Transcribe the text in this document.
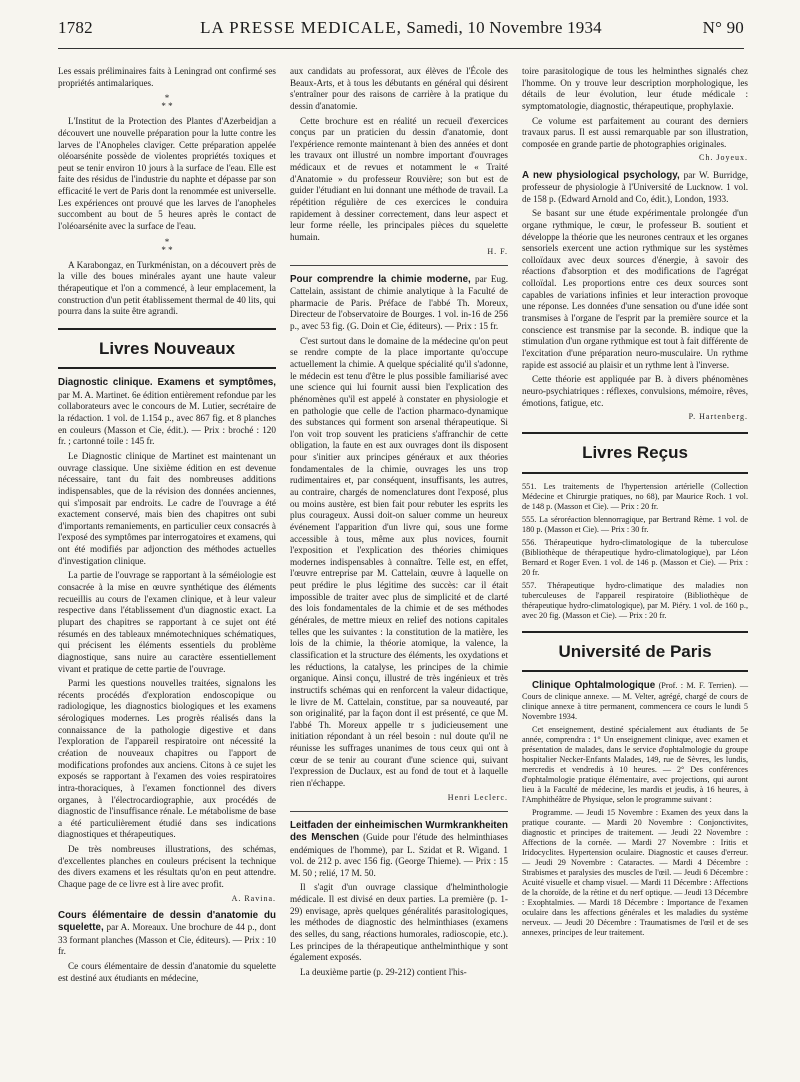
1782	LA PRESSE MEDICALE, Samedi, 10 Novembre 1934	N° 90

Les essais préliminaires faits à Leningrad ont confirmé ses propriétés antimalariques.

*
* *

L'Institut de la Protection des Plantes d'Azerbeidjan a découvert une nouvelle préparation pour la lutte contre les larves de l'Anopheles claviger. Cette préparation appelée oléoarsénite possède de violentes propriétés toxiques et peut se tenir environ 10 jours à la surface de l'eau. Elle est faite des résidus de l'industrie du naphte et dépasse par son efficacité le vert de Paris dont la renommée est universelle. Les expériences ont prouvé que les larves de l'anopheles succombent au bout de 5 heures après le contact de l'oléoarsénite avec la surface de l'eau.

*
* *

A Karabongaz, en Turkménistan, on a découvert près de la ville des boues minérales ayant une haute valeur thérapeutique et l'on a commencé, à leur emplacement, la construction d'un petit établissement thermal de 40 lits, qui pourra dans la suite être agrandi.

Livres Nouveaux

Diagnostic clinique. Examens et symptômes, par M. A. Martinet. 6e édition entièrement refondue par les collaborateurs avec le concours de M. Lutier, secrétaire de la rédaction. 1 vol. de 1.154 p., avec 867 fig. et 8 planches en couleurs (Masson et Cie, édit.). — Prix : broché : 120 fr. ; cartonné toile : 145 fr.

Le Diagnostic clinique de Martinet est maintenant un ouvrage classique. Une sixième édition en est devenue nécessaire, tant du fait des nombreuses additions indispensables, que de la révision des données anciennes, qui s'imposait par endroits. Le cadre de l'ouvrage a été exactement conservé, mais bien des chapitres ont subi d'importants remaniements, en particulier ceux consacrés à l'exposé des symptômes par interrogatoires et examens, qui ont été modifiés par adjonction des méthodes actuelles d'investigation clinique.

La partie de l'ouvrage se rapportant à la séméiologie est consacrée à la mise en œuvre synthétique des éléments recueillis au cours de l'examen clinique, et à leur valeur respective dans l'établissement d'un diagnostic exact. La plupart des chapitres se rapportant à ce sujet ont été résumés en des tableaux mnémotechniques schématiques, qui précisent les éléments essentiels du problème diagnostique, sans nuire au caractère essentiellement vivant et pratique de cette partie de l'ouvrage.

Parmi les questions nouvelles traitées, signalons les récents procédés d'exploration endoscopique ou radiologique, les diagnostics biologiques et les examens sérologiques modernes. Les progrès réalisés dans la connaissance de la pathologie digestive et dans l'exploration de l'appareil respiratoire ont nécessité la création de nouveaux chapitres ou l'apport de modifications profondes aux anciens. Citons à ce sujet les exposés se rapportant à l'examen des voies respiratoires intra-thoraciques, à l'examen fonctionnel des divers organes, à l'électrocardiographie, aux procédés de diagnostic de l'insuffisance rénale. Le métabolisme de base a été particulièrement étudié dans ses indications diagnostiques et thérapeutiques.

De très nombreuses illustrations, des schémas, d'excellentes planches en couleurs précisent la technique des divers examens et les résultats qu'on en peut attendre. Chaque page de ce livre est à lire avec profit.

A. Ravina.

Cours élémentaire de dessin d'anatomie du squelette, par A. Moreaux. Une brochure de 44 p., dont 33 formant planches (Masson et Cie, éditeurs). — Prix : 10 fr.

Ce cours élémentaire de dessin d'anatomie du squelette est destiné aux étudiants en médecine,

aux candidats au professorat, aux élèves de l'École des Beaux-Arts, et à tous les débutants en général qui désirent s'entraîner pour des raisons de carrière à la pratique du dessin d'anatomie.

Cette brochure est en réalité un recueil d'exercices conçus par un praticien du dessin d'anatomie, dont l'expérience remonte maintenant à bien des années et dont les travaux ont illustré un nombre important d'ouvrages médicaux et de revues et notamment le « Traité d'Anatomie » du professeur Rouvière; son but est de guider l'étudiant en lui donnant une méthode de travail. La répétition régulière de ces exercices le conduira rapidement à dessiner correctement, dans leur aspect et leur forme réelle, les principales pièces du squelette humain.

H. F.

Pour comprendre la chimie moderne, par Eug. Cattelain, assistant de chimie analytique à la Faculté de pharmacie de Paris. Préface de l'abbé Th. Moreux, Directeur de l'observatoire de Bourges. 1 vol. in-16 de 256 p., avec 53 fig. (G. Doin et Cie, éditeurs). — Prix : 15 fr.

C'est surtout dans le domaine de la médecine qu'on peut se rendre compte de la place importante qu'occupe actuellement la chimie. A quelque spécialité qu'il s'adonne, le médecin est tenu d'être le plus possible familiarisé avec une science qui lui fournit aussi bien l'explication des phénomènes qu'il est appelé à constater en physiologie et en pathologie que celle de l'action pharmaco-dynamique des substances qui forment son arsenal thérapeutique. Si l'on voit trop souvent les praticiens s'affranchir de cette obligation, la faute en est aux ouvrages dont ils disposent pour s'initier aux principes généraux et aux théories fondamentales de la chimie, ouvrages les uns trop rudimentaires et, par conséquent, insuffisants, les autres, au contraire, chargés de nomenclatures dont l'exposé, plus ou moins austère, est bien fait pour rebuter les esprits les plus courageux. Aussi doit-on saluer comme un heureux événement l'apparition d'un livre qui, sous une forme accessible à tous, même aux plus novices, fournit l'exposition et l'explication des théories chimiques modernes indispensables à connaître. Telle est, en effet, l'œuvre entreprise par M. Cattelain, œuvre à laquelle on peut prédire le plus légitime des succès: car il était impossible de traiter avec plus de simplicité et de clarté des lois fondamentales de la chimie et de ses méthodes générales, de mettre mieux en relief des notions capitales telles que les suivantes : la constitution de la matière, les lois de la chimie, la théorie atomique, la valence, la classification et la structure des éléments, les oxydations et les réductions, la catalyse, les principes de la chimie organique. Ainsi conçu, illustré de très ingénieux et très instructifs schémas qui en renforcent la valeur didactique, le livre de M. Cattelain, constitue, par sa nouveauté, par son originalité, par la façon dont il est présenté, ce que M. l'abbé Th. Moreux appelle tr s judicieusement une initiation répondant à un réel besoin : nul doute qu'il ne réunisse les suffrages unanimes de tous ceux qui ont à cœur de se tenir au courant d'une science qui, suivant l'expression de Duclaux, est au fond de tout et à laquelle rien n'échappe.

Henri Leclerc.

Leitfaden der einheimischen Wurmkrankheiten des Menschen (Guide pour l'étude des helminthiases endémiques de l'homme), par L. Szidat et R. Wigand. 1 vol. de 212 p. avec 156 fig. (George Thieme). — Prix : 15 M. 50 ; relié, 17 M. 50.

Il s'agit d'un ouvrage classique d'helminthologie médicale. Il est divisé en deux parties. La première (p. 1-29) envisage, après quelques généralités parasitologiques, les méthodes de diagnostic des helminthiases (examens des selles, du sang, réactions humorales, radioscopie, etc.). Les principes de la thérapeutique anthelminthique y sont également exposés.

La deuxième partie (p. 29-212) contient l'his-

toire parasitologique de tous les helminthes signalés chez l'homme. On y trouve leur description morphologique, les détails de leur évolution, leur étude médicale : symptomatologie, diagnostic, thérapeutique, prophylaxie.

Ce volume est parfaitement au courant des derniers travaux parus. Il est aussi remarquable par son illustration, composée en grande partie de photographies originales.

Ch. Joyeux.

A new physiological psychology, par W. Burridge, professeur de physiologie à l'Université de Lucknow. 1 vol. de 158 p. (Edward Arnold and Co, édit.), London, 1933.

Se basant sur une étude expérimentale prolongée d'un organe rythmique, le cœur, le professeur B. soutient et développe la théorie que les neurones centraux et les organes sensoriels exercent une action rythmique sur les systèmes colloïdaux avec deux sources d'énergie, à savoir des réactions d'absorption et des modifications de l'agrégat colloïdal. Les proportions entre ces deux sources sont capables de variations infinies et leur interaction provoque une réponse. Les données d'une sensation ou d'une idée sont transmises à l'organe de l'esprit par la première source et la conscience est transmise par la seconde. B. indique que la stimulation d'un organe rythmique est tout à fait différente de l'excitation d'une préparation neuro-musculaire. Un rythme rapide est associé au plaisir et un rythme lent à l'inverse.

Cette théorie est appliquée par B. à divers phénomènes neuro-psychiatriques : réflexes, convulsions, mémoire, rêves, émotions, fatigue, etc.

P. Hartenberg.
Livres Reçus

551. Les traitements de l'hypertension artérielle (Collection Médecine et Chirurgie pratiques, no 68), par Maurice Roch. 1 vol. de 148 p. (Masson et Cie). — Prix : 20 fr.

555. La séroréaction blennorragique, par Bertrand Rème. 1 vol. de 180 p. (Masson et Cie). — Prix : 30 fr.

556. Thérapeutique hydro-climatologique de la tuberculose (Bibliothèque de thérapeutique hydro-climatologique), par Léon Bernard et Roger Even. 1 vol. de 146 p. (Masson et Cie). — Prix : 20 fr.

557. Thérapeutique hydro-climatique des maladies non tuberculeuses de l'appareil respiratoire (Bibliothèque de thérapeutique hydro-climatologique), par M. Piéry. 1 vol. de 160 p., avec 20 fig. (Masson et Cie). — Prix : 20 fr.

Université de Paris

Clinique Ophtalmologique (Prof. : M. F. Terrien). — Cours de clinique annexe. — M. Velter, agrégé, chargé de cours de clinique annexe à titre permanent, commencera ce cours le lundi 5 Novembre 1934.

Cet enseignement, destiné spécialement aux étudiants de 5e année, comprendra : 1° Un enseignement clinique, avec examen et présentation de malades, dans le service d'ophtalmologie du groupe hospitalier Necker-Enfants Malades, 149, rue de Sèvres, les lundis, mercredis et vendredis à 10 heures. — 2° Des conférences d'ophtalmologie pratique élémentaire, avec projections, qui auront lieu à la Faculté de médecine, les mardis et jeudis, à 16 heures, à l'Amphithéâtre de Physique, selon le programme suivant :

Programme. — Jeudi 15 Novembre : Examen des yeux dans la pratique courante. — Mardi 20 Novembre : Conjonctivites, diagnostic et principes de traitement. — Jeudi 22 Novembre : Affections de la cornée. — Mardi 27 Novembre : Iritis et Iridocyclites. Hypertension oculaire. Diagnostic et causes d'erreur. — Jeudi 29 Novembre : Cataractes. — Mardi 4 Décembre : Strabismes et paralysies des muscles de l'œil. — Jeudi 6 Décembre : Acuité visuelle et champ visuel. — Mardi 11 Décembre : Affections de la choroïde, de la rétine et du nerf optique. — Jeudi 13 Décembre : Exophtalmies. — Mardi 18 Décembre : Importance de l'examen oculaire dans les affections générales et les maladies du système nerveux. — Jeudi 20 Décembre : Traumatismes de l'œil et de ses annexes, principes de leur traitement.
